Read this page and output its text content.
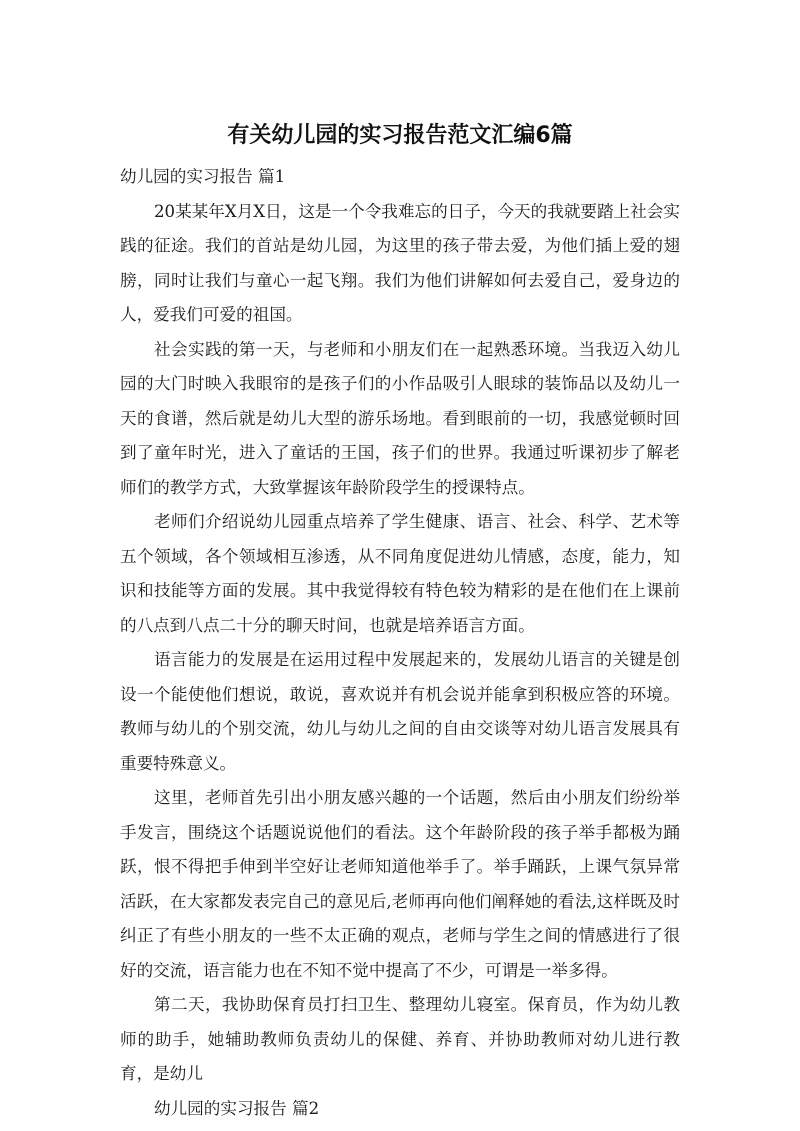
有关幼儿园的实习报告范文汇编6篇

幼儿园的实习报告 篇1

20某某年X月X日，这是一个令我难忘的日子，今天的我就要踏上社会实践的征途。我们的首站是幼儿园，为这里的孩子带去爱，为他们插上爱的翅膀，同时让我们与童心一起飞翔。我们为他们讲解如何去爱自己，爱身边的人，爱我们可爱的祖国。

社会实践的第一天，与老师和小朋友们在一起熟悉环境。当我迈入幼儿园的大门时映入我眼帘的是孩子们的小作品吸引人眼球的装饰品以及幼儿一天的食谱，然后就是幼儿大型的游乐场地。看到眼前的一切，我感觉顿时回到了童年时光，进入了童话的王国，孩子们的世界。我通过听课初步了解老师们的教学方式，大致掌握该年龄阶段学生的授课特点。

老师们介绍说幼儿园重点培养了学生健康、语言、社会、科学、艺术等五个领域，各个领域相互渗透，从不同角度促进幼儿情感，态度，能力，知识和技能等方面的发展。其中我觉得较有特色较为精彩的是在他们在上课前的八点到八点二十分的聊天时间，也就是培养语言方面。

语言能力的发展是在运用过程中发展起来的，发展幼儿语言的关键是创设一个能使他们想说，敢说，喜欢说并有机会说并能拿到积极应答的环境。教师与幼儿的个别交流，幼儿与幼儿之间的自由交谈等对幼儿语言发展具有重要特殊意义。

这里，老师首先引出小朋友感兴趣的一个话题，然后由小朋友们纷纷举手发言，围绕这个话题说说他们的看法。这个年龄阶段的孩子举手都极为踊跃，恨不得把手伸到半空好让老师知道他举手了。举手踊跃，上课气氛异常活跃，在大家都发表完自己的意见后,老师再向他们阐释她的看法,这样既及时纠正了有些小朋友的一些不太正确的观点，老师与学生之间的情感进行了很好的交流，语言能力也在不知不觉中提高了不少，可谓是一举多得。

第二天，我协助保育员打扫卫生、整理幼儿寝室。保育员，作为幼儿教师的助手，她辅助教师负责幼儿的保健、养育、并协助教师对幼儿进行教育，是幼儿

幼儿园的实习报告 篇2
